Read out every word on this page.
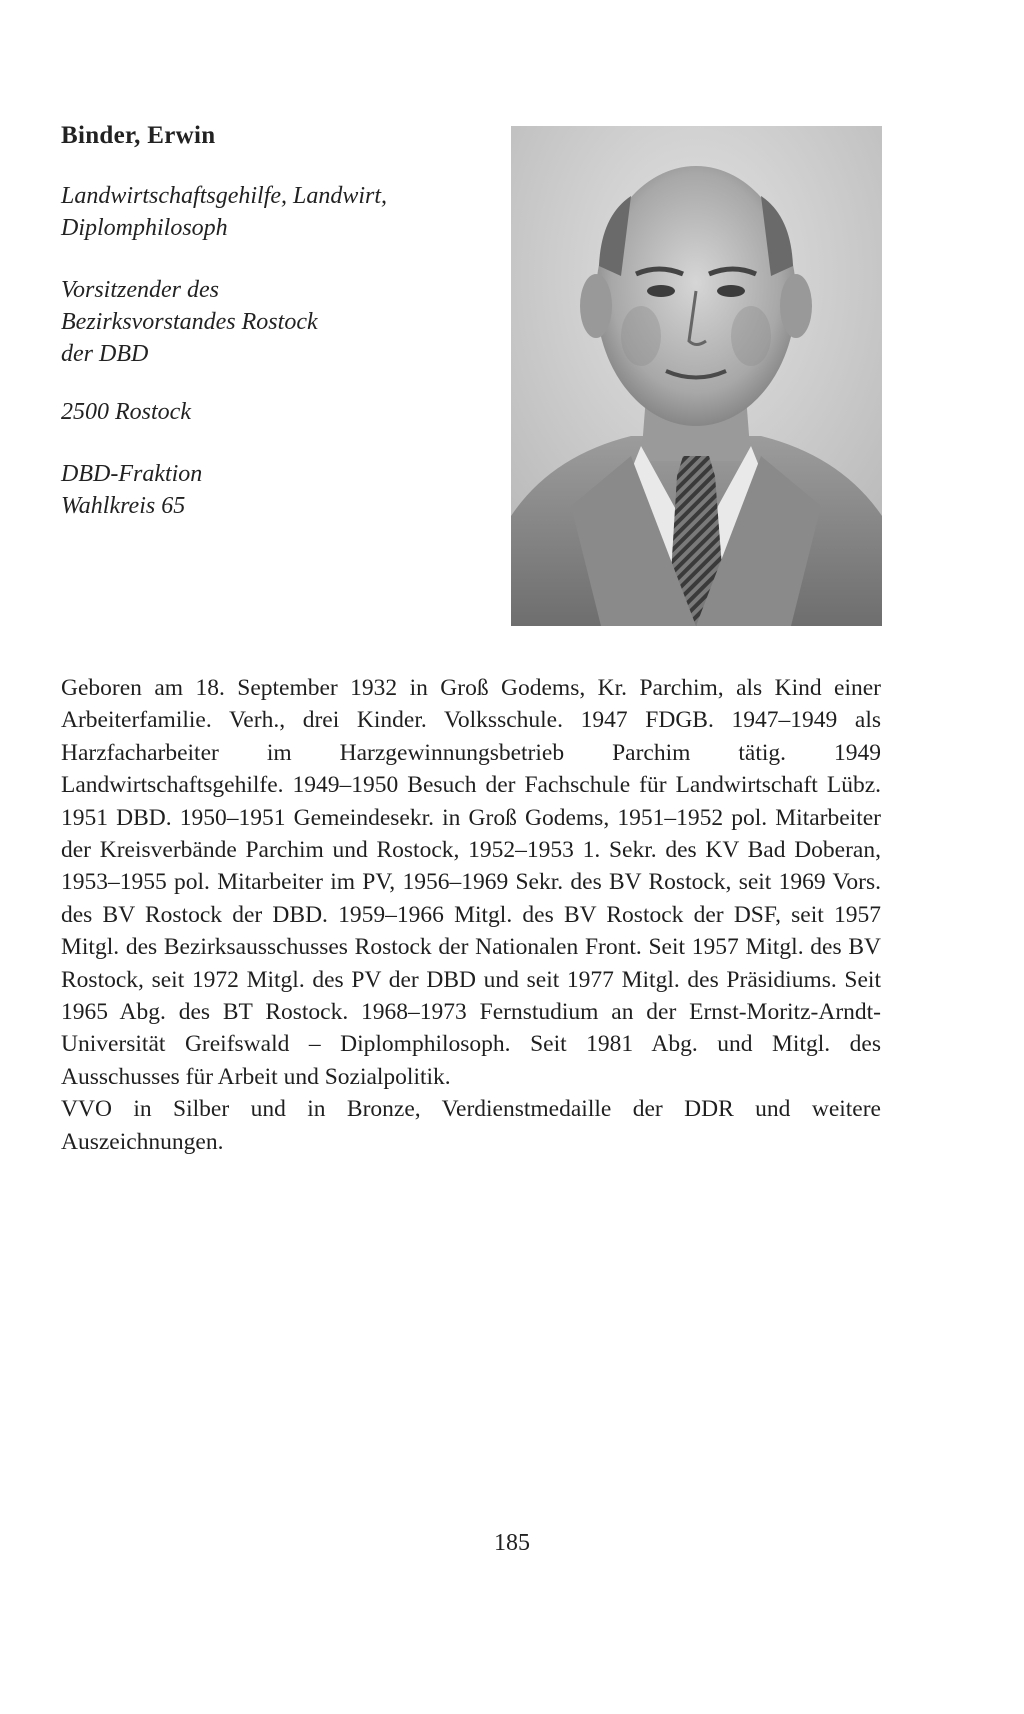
Binder, Erwin
Landwirtschaftsgehilfe, Landwirt,
Diplomphilosoph
Vorsitzender des
Bezirksvorstandes Rostock
der DBD
2500 Rostock
DBD-Fraktion
Wahlkreis 65

Geboren am 18. September 1932 in Groß Godems, Kr. Parchim, als Kind einer Arbeiterfamilie. Verh., drei Kinder. Volksschule. 1947 FDGB. 1947–1949 als Harzfacharbeiter im Harzgewinnungsbetrieb Parchim tätig. 1949 Landwirtschaftsgehilfe. 1949–1950 Besuch der Fachschule für Landwirtschaft Lübz. 1951 DBD. 1950–1951 Gemeindesekr. in Groß Godems, 1951–1952 pol. Mitarbeiter der Kreisverbände Parchim und Rostock, 1952–1953 1. Sekr. des KV Bad Doberan, 1953–1955 pol. Mitarbeiter im PV, 1956–1969 Sekr. des BV Rostock, seit 1969 Vors. des BV Rostock der DBD. 1959–1966 Mitgl. des BV Rostock der DSF, seit 1957 Mitgl. des Bezirksausschusses Rostock der Nationalen Front. Seit 1957 Mitgl. des BV Rostock, seit 1972 Mitgl. des PV der DBD und seit 1977 Mitgl. des Präsidiums. Seit 1965 Abg. des BT Rostock. 1968–1973 Fernstudium an der Ernst-Moritz-Arndt-Universität Greifswald – Diplomphilosoph. Seit 1981 Abg. und Mitgl. des Ausschusses für Arbeit und Sozialpolitik.

VVO in Silber und in Bronze, Verdienstmedaille der DDR und weitere Auszeichnungen.

185
